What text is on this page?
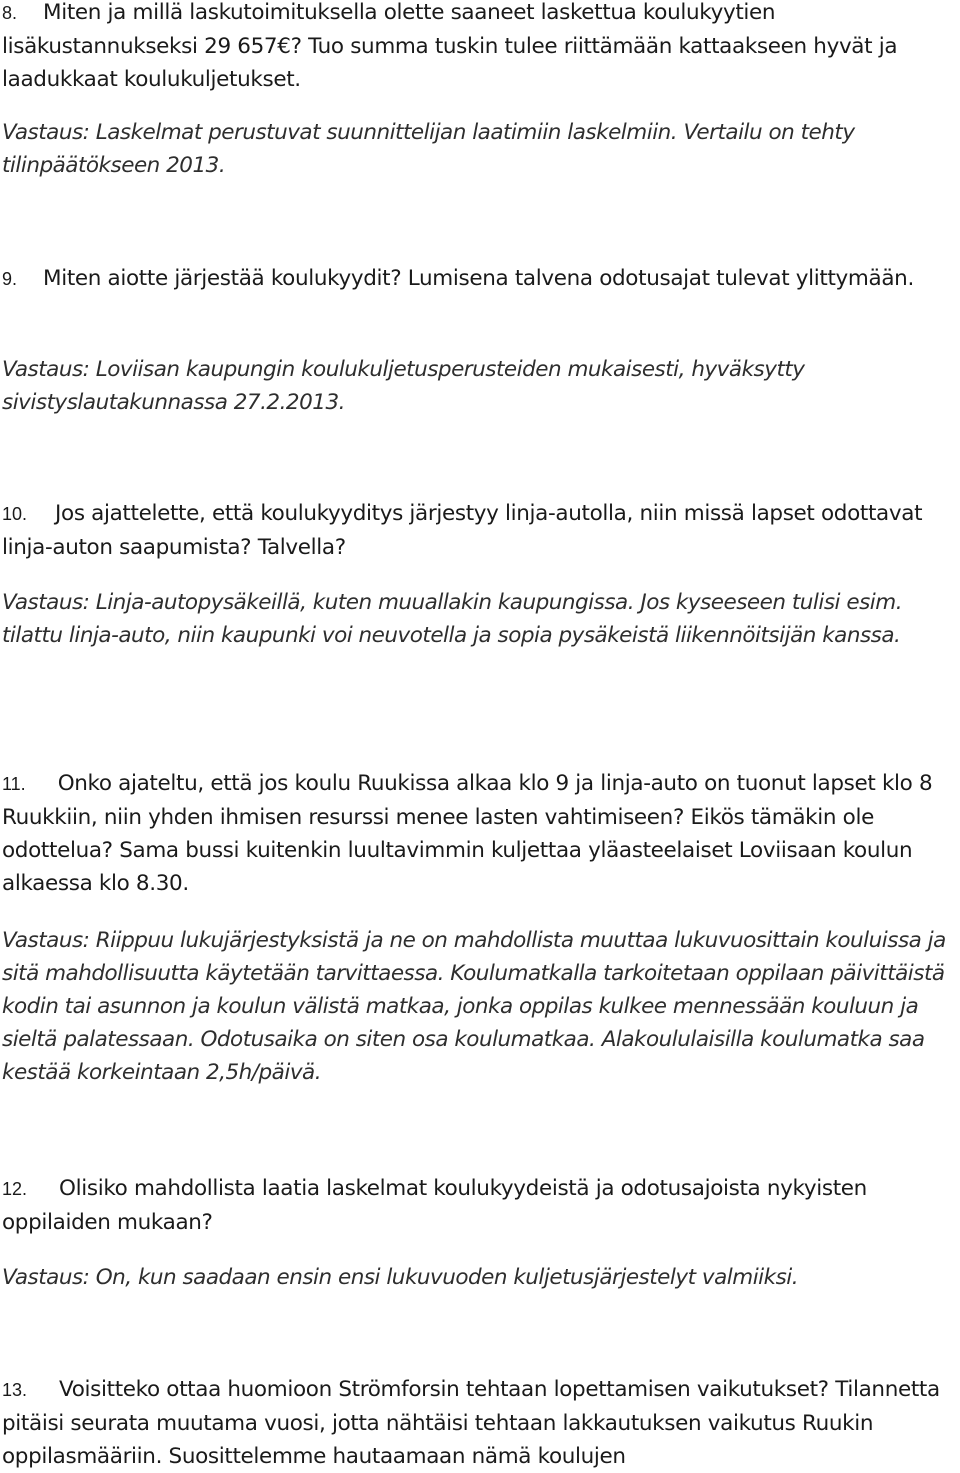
8. Miten ja millä laskutoimituksella olette saaneet laskettua koulukyytien lisäkustannukseksi 29 657€? Tuo summa tuskin tulee riittämään kattaakseen hyvät ja laadukkaat koulukuljetukset.

Vastaus: Laskelmat perustuvat suunnittelijan laatimiin laskelmiin. Vertailu on tehty tilinpäätökseen 2013.

9. Miten aiotte järjestää koulukyydit? Lumisena talvena odotusajat tulevat ylittymään.

Vastaus: Loviisan kaupungin koulukuljetusperusteiden mukaisesti, hyväksytty sivistyslautakunnassa 27.2.2013.

10. Jos ajattelette, että koulukyyditys järjestyy linja-autolla, niin missä lapset odottavat linja-auton saapumista? Talvella?

Vastaus: Linja-autopysäkeillä, kuten muuallakin kaupungissa. Jos kyseeseen tulisi esim. tilattu linja-auto, niin kaupunki voi neuvotella ja sopia pysäkeistä liikennöitsijän kanssa.

11. Onko ajateltu, että jos koulu Ruukissa alkaa klo 9 ja linja-auto on tuonut lapset klo 8 Ruukkiin, niin yhden ihmisen resurssi menee lasten vahtimiseen? Eikös tämäkin ole odottelua? Sama bussi kuitenkin luultavimmin kuljettaa yläasteelaiset Loviisaan koulun alkaessa klo 8.30.

Vastaus: Riippuu lukujärjestyksistä ja ne on mahdollista muuttaa lukuvuosittain kouluissa ja sitä mahdollisuutta käytetään tarvittaessa. Koulumatkalla tarkoitetaan oppilaan päivittäistä kodin tai asunnon ja koulun välistä matkaa, jonka oppilas kulkee mennessään kouluun ja sieltä palatessaan. Odotusaika on siten osa koulumatkaa. Alakoululaisilla koulumatka saa kestää korkeintaan 2,5h/päivä.

12. Olisiko mahdollista laatia laskelmat koulukyydeistä ja odotusajoista nykyisten oppilaiden mukaan?

Vastaus: On, kun saadaan ensin ensi lukuvuoden kuljetusjärjestelyt valmiiksi.

13. Voisitteko ottaa huomioon Strömforsin tehtaan lopettamisen vaikutukset? Tilannetta pitäisi seurata muutama vuosi, jotta nähtäisi tehtaan lakkautuksen vaikutus Ruukin oppilasmääriin. Suosittelemme hautaamaan nämä koulujen
